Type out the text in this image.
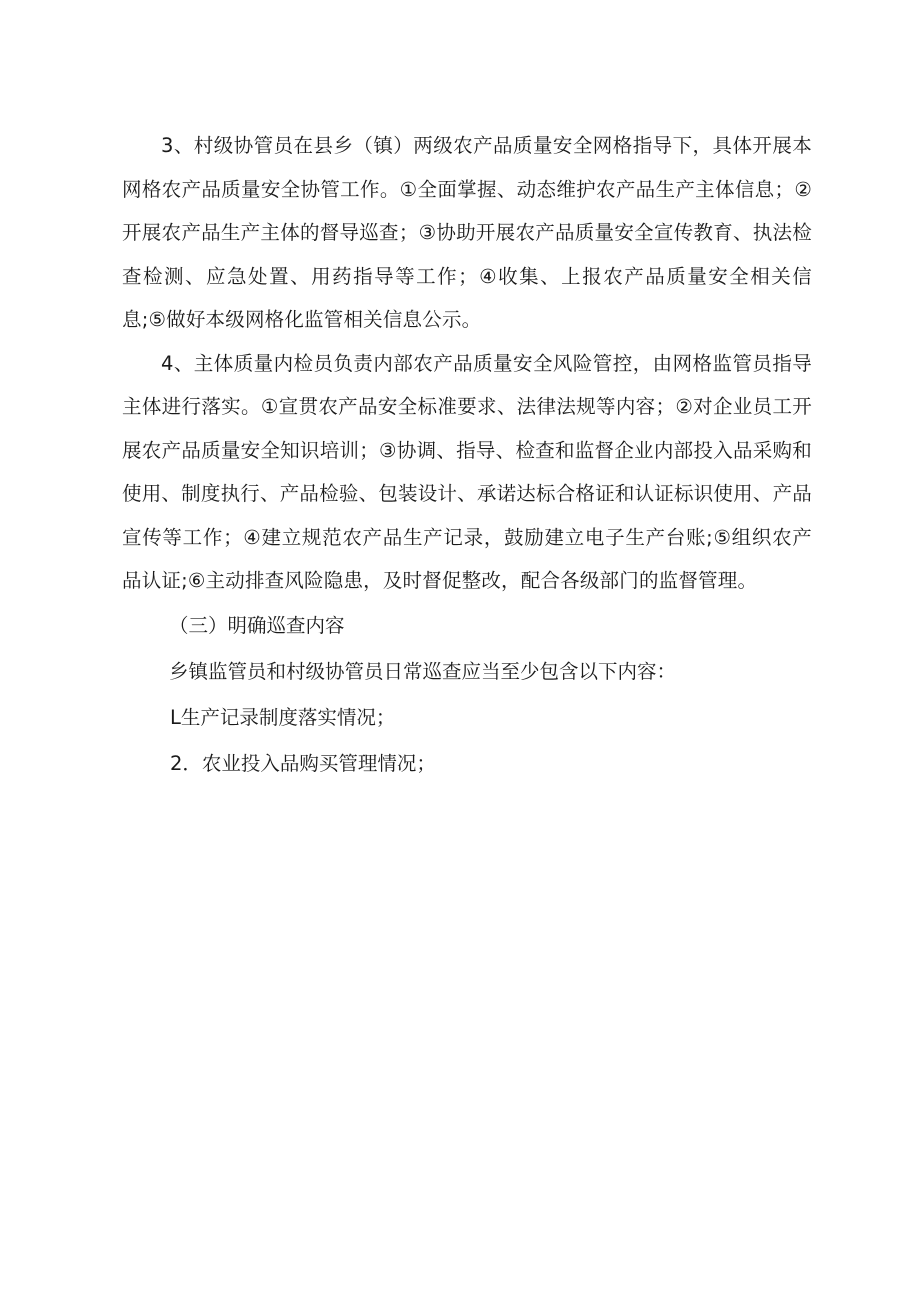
3、村级协管员在县乡（镇）两级农产品质量安全网格指导下，具体开展本网格农产品质量安全协管工作。①全面掌握、动态维护农产品生产主体信息；②开展农产品生产主体的督导巡查；③协助开展农产品质量安全宣传教育、执法检查检测、应急处置、用药指导等工作；④收集、上报农产品质量安全相关信息;⑤做好本级网格化监管相关信息公示。

4、主体质量内检员负责内部农产品质量安全风险管控，由网格监管员指导主体进行落实。①宣贯农产品安全标准要求、法律法规等内容；②对企业员工开展农产品质量安全知识培训；③协调、指导、检查和监督企业内部投入品采购和使用、制度执行、产品检验、包装设计、承诺达标合格证和认证标识使用、产品宣传等工作；④建立规范农产品生产记录，鼓励建立电子生产台账;⑤组织农产品认证;⑥主动排查风险隐患，及时督促整改，配合各级部门的监督管理。

（三）明确巡查内容

乡镇监管员和村级协管员日常巡查应当至少包含以下内容：

L生产记录制度落实情况；

2．农业投入品购买管理情况；
